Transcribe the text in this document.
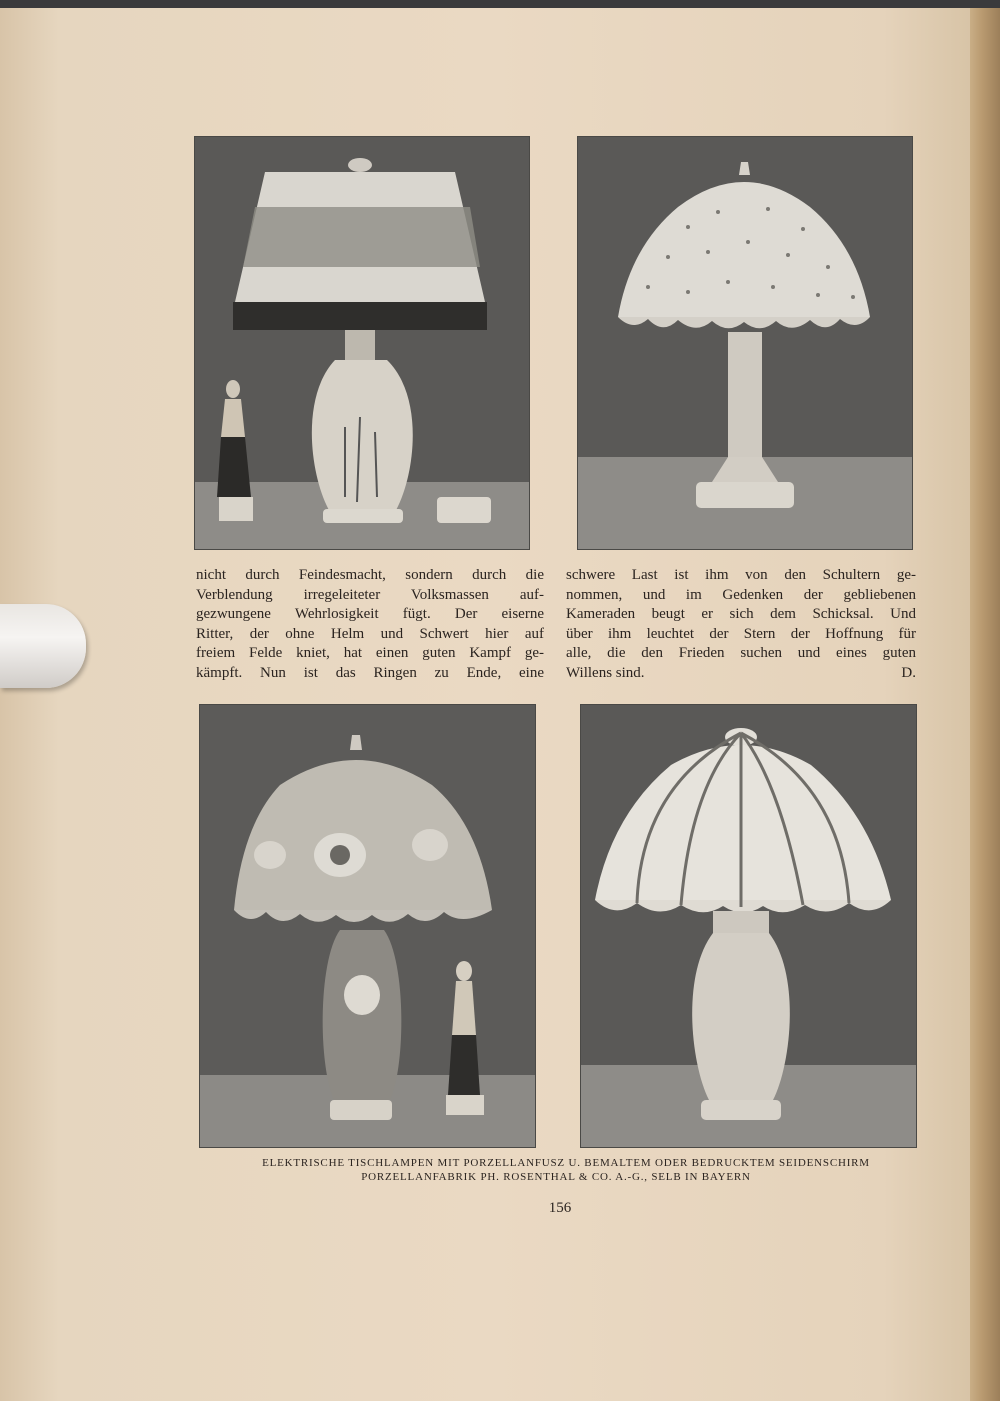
nicht durch Feindesmacht, sondern durch die
Verblendung irregeleiteter Volksmassen auf-
gezwungene Wehrlosigkeit fügt. Der eiserne
Ritter, der ohne Helm und Schwert hier auf
freiem Felde kniet, hat einen guten Kampf ge-
kämpft. Nun ist das Ringen zu Ende, eine
schwere Last ist ihm von den Schultern ge-
nommen, und im Gedenken der gebliebenen
Kameraden beugt er sich dem Schicksal. Und
über ihm leuchtet der Stern der Hoffnung für
alle, die den Frieden suchen und eines guten
Willens sind.	D.
ELEKTRISCHE TISCHLAMPEN MIT PORZELLANFUSZ U. BEMALTEM ODER BEDRUCKTEM SEIDENSCHIRM
PORZELLANFABRIK PH. ROSENTHAL & CO. A.-G., SELB IN BAYERN
156
